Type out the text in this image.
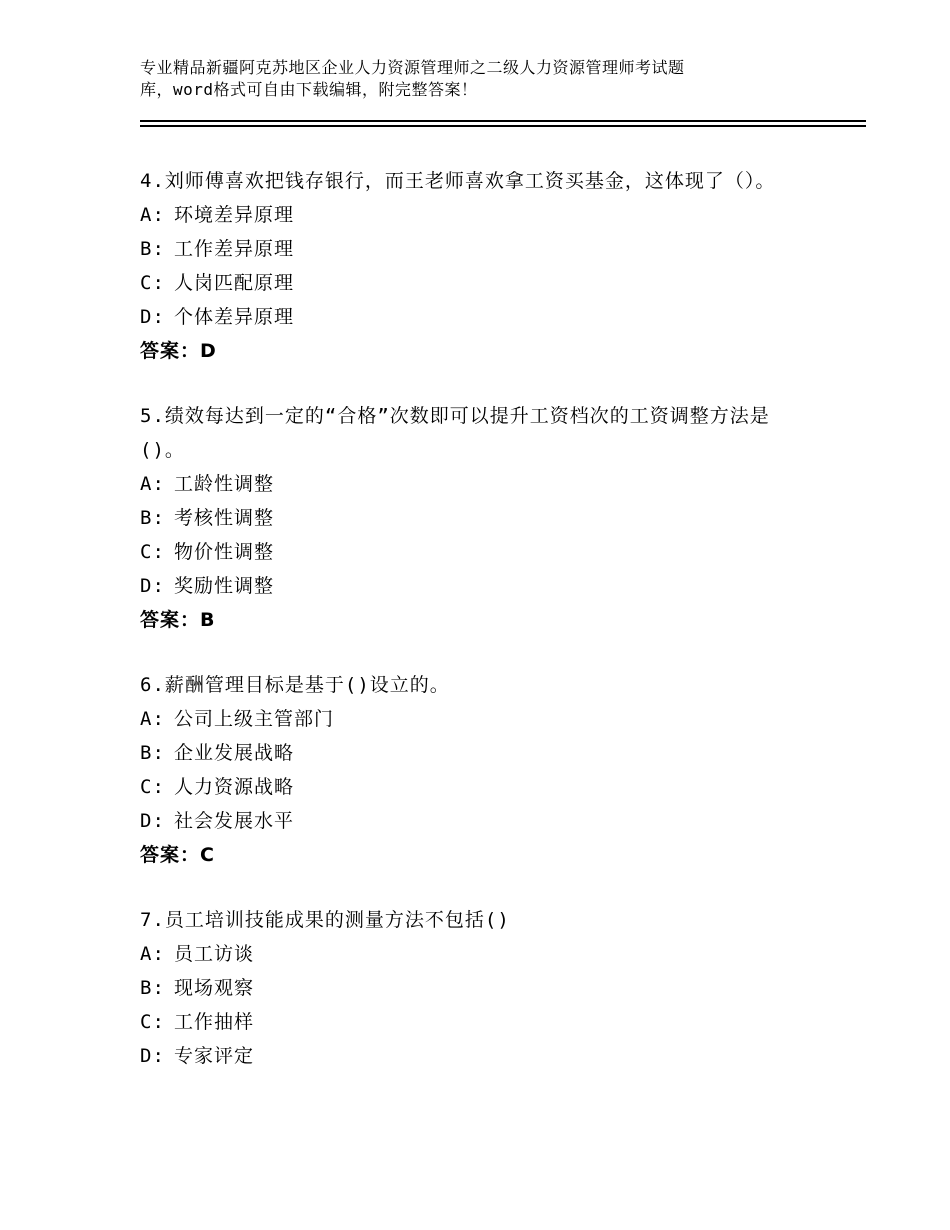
专业精品新疆阿克苏地区企业人力资源管理师之二级人力资源管理师考试题
库，word格式可自由下载编辑，附完整答案！

4.刘师傅喜欢把钱存银行，而王老师喜欢拿工资买基金，这体现了（）。

A: 环境差异原理
B: 工作差异原理
C: 人岗匹配原理
D: 个体差异原理
答案：D

5.绩效每达到一定的“合格”次数即可以提升工资档次的工资调整方法是()。

A: 工龄性调整
B: 考核性调整
C: 物价性调整
D: 奖励性调整
答案：B

6.薪酬管理目标是基于()设立的。

A: 公司上级主管部门
B: 企业发展战略
C: 人力资源战略
D: 社会发展水平
答案：C

7.员工培训技能成果的测量方法不包括()

A: 员工访谈
B: 现场观察
C: 工作抽样
D: 专家评定
